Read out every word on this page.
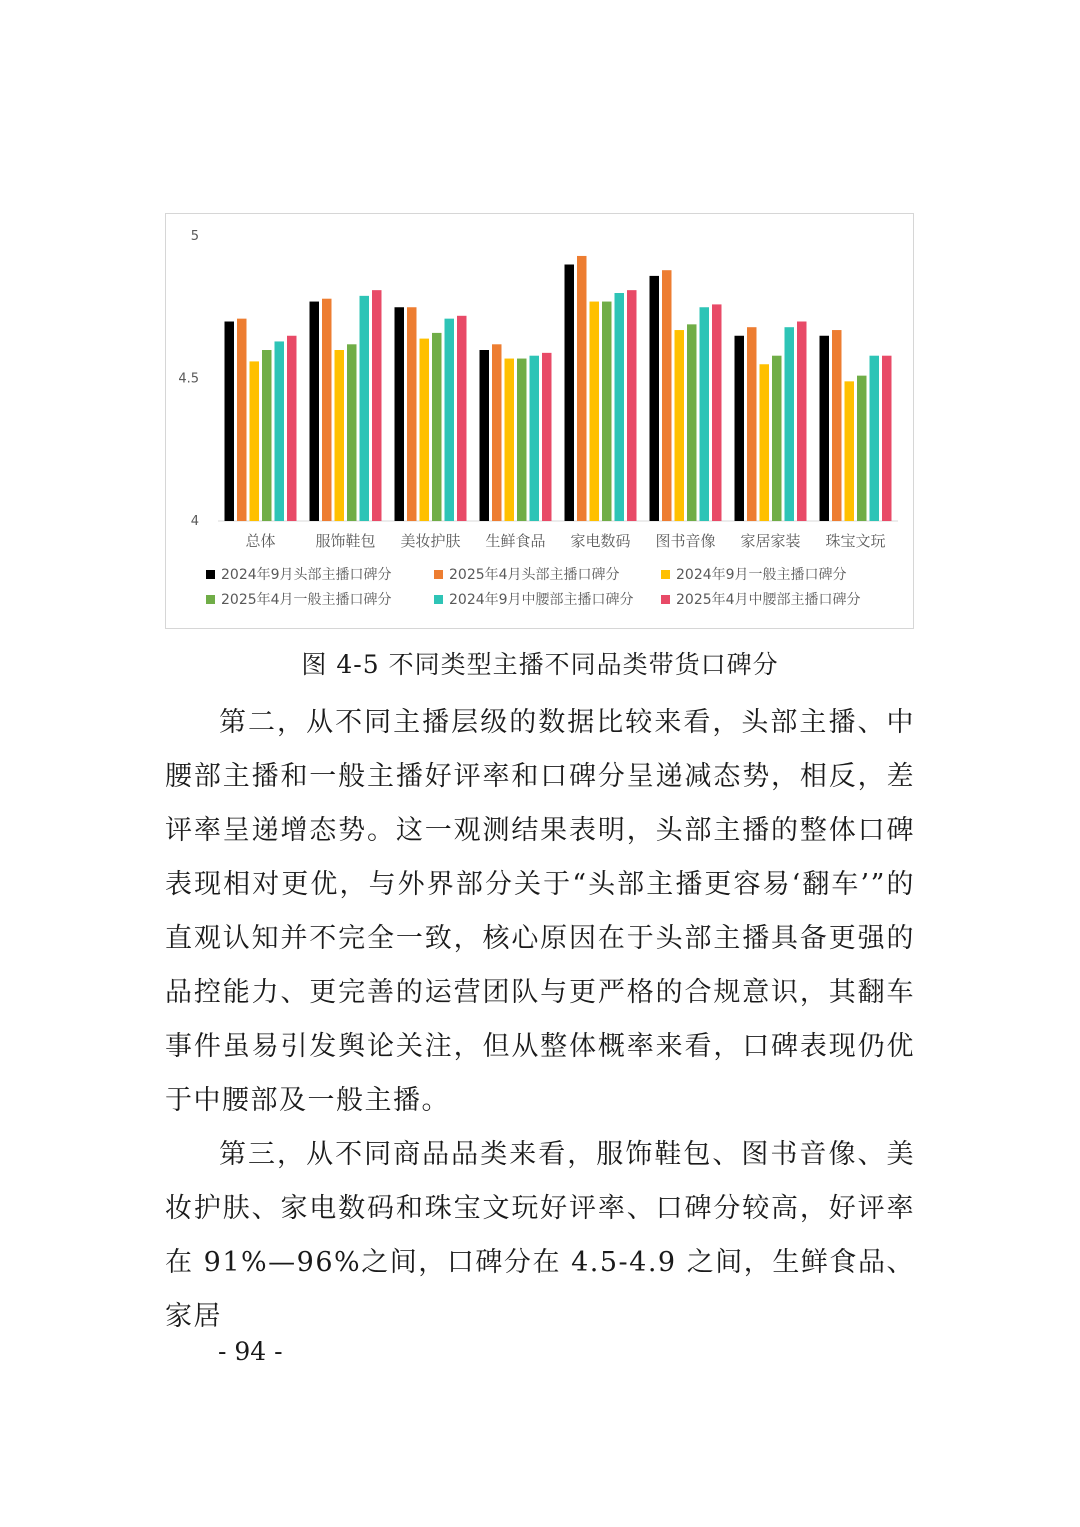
5
4.5
4
总体	服饰鞋包 美妆护肤 生鲜食品 家电数码 图书音像 家居家装 珠宝文玩
2024年9月头部主播口碑分	2025年4月头部主播口碑分	2024年9月一般主播口碑分
2025年4月一般主播口碑分	2024年9月中腰部主播口碑分	2025年4月中腰部主播口碑分
图 4-5 不同类型主播不同品类带货口碑分

第二，从不同主播层级的数据比较来看，头部主播、中腰部主播和一般主播好评率和口碑分呈递减态势，相反，差评率呈递增态势。这一观测结果表明，头部主播的整体口碑表现相对更优，与外界部分关于“头部主播更容易‘翻车’”的直观认知并不完全一致，核心原因在于头部主播具备更强的品控能力、更完善的运营团队与更严格的合规意识，其翻车事件虽易引发舆论关注，但从整体概率来看，口碑表现仍优于中腰部及一般主播。

第三，从不同商品品类来看，服饰鞋包、图书音像、美妆护肤、家电数码和珠宝文玩好评率、口碑分较高，好评率在 91%—96%之间，口碑分在 4.5-4.9 之间，生鲜食品、家居

- 94 -
